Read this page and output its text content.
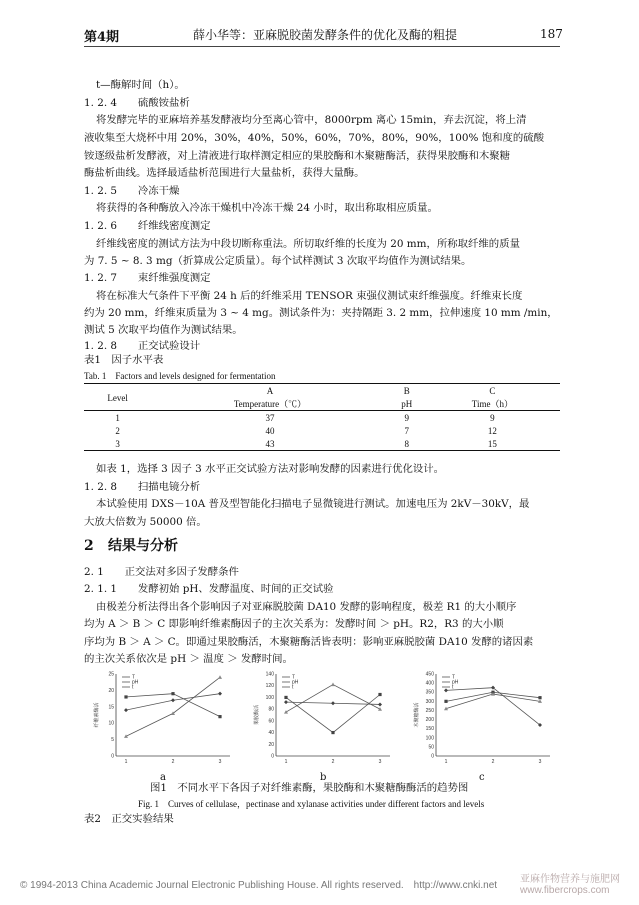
第4期	薛小华等：亚麻脱胶菌发酵条件的优化及酶的粗提	187
t—酶解时间（h）。
1. 2. 4　　硫酸铵盐析
将发酵完毕的亚麻培养基发酵液均分至离心管中，8000rpm 离心 15min，弃去沉淀，将上清
液收集至大烧杯中用 20%，30%，40%，50%，60%，70%，80%，90%，100% 饱和度的硫酸
铵逐级盐析发酵液，对上清液进行取样测定相应的果胶酶和木聚糖酶活，获得果胶酶和木聚糖
酶盐析曲线。选择最适盐析范围进行大量盐析，获得大量酶。
1. 2. 5　　冷冻干燥
将获得的各种酶放入冷冻干燥机中冷冻干燥 24 小时，取出称取相应质量。
1. 2. 6　　纤维线密度测定
纤维线密度的测试方法为中段切断称重法。所切取纤维的长度为 20 mm，所称取纤维的质量
为 7. 5 ~ 8. 3 mg（折算成公定质量）。每个试样测试 3 次取平均值作为测试结果。
1. 2. 7　　束纤维强度测定
将在标准大气条件下平衡 24 h 后的纤维采用 TENSOR 束强仪测试束纤维强度。纤维束长度
约为 20 mm，纤维束质量为 3 ~ 4 mg。测试条件为：夹持隔距 3. 2 mm，拉伸速度 10 mm /min，
测试 5 次取平均值作为测试结果。
1. 2. 8　　正交试验设计
表1　因子水平表
如表 1，选择 3 因子 3 水平正交试验方法对影响发酵的因素进行优化设计。
1. 2. 8　　扫描电镜分析
本试验使用 DXS－10A 普及型智能化扫描电子显微镜进行测试。加速电压为 2kV－30kV，最
大放大倍数为 50000 倍。
2. 1　　正交法对多因子发酵条件
2. 1. 1　　发酵初始 pH、发酵温度、时间的正交试验
由极差分析法得出各个影响因子对亚麻脱胶菌 DA10 发酵的影响程度，极差 R1 的大小顺序
均为 A ＞ B ＞ C 即影响纤维素酶因子的主次关系为：发酵时间 ＞ pH。R2，R3 的大小顺
序均为 B ＞ A ＞ C。即通过果胶酶活，木聚糖酶活皆表明：影响亚麻脱胶菌 DA10 发酵的诸因素
的主次关系依次是 pH ＞ 温度 ＞ 发酵时间。
2 结果与分析
Tab. 1　Factors and levels designed for fermentation
	A	B	C
Level	Temperature（℃）	pH	Time（h）
1	37	9	9
2	40	7	12
3	43	8	15
0
5
10
15
20
25
1	2	3
纤维素酶活
T
pH
t
0
20
40
60
80
100
120
140
1	2	3
果胶酶活
T
pH
t
0
50
100
150
200
250
300
350
400
450
1	2	3
木聚糖酶活
T
pH
t
a	b	c
图1　不同水平下各因子对纤维素酶，果胶酶和木聚糖酶酶活的趋势图
Fig. 1　Curves of cellulase，pectinase and xylanase activities under different factors and levels
表2　正交实验结果
© 1994-2013 China Academic Journal Electronic Publishing House. All rights reserved.　http://www.cnki.net
亚麻作物营养与施肥网
www.fibercrops.com
